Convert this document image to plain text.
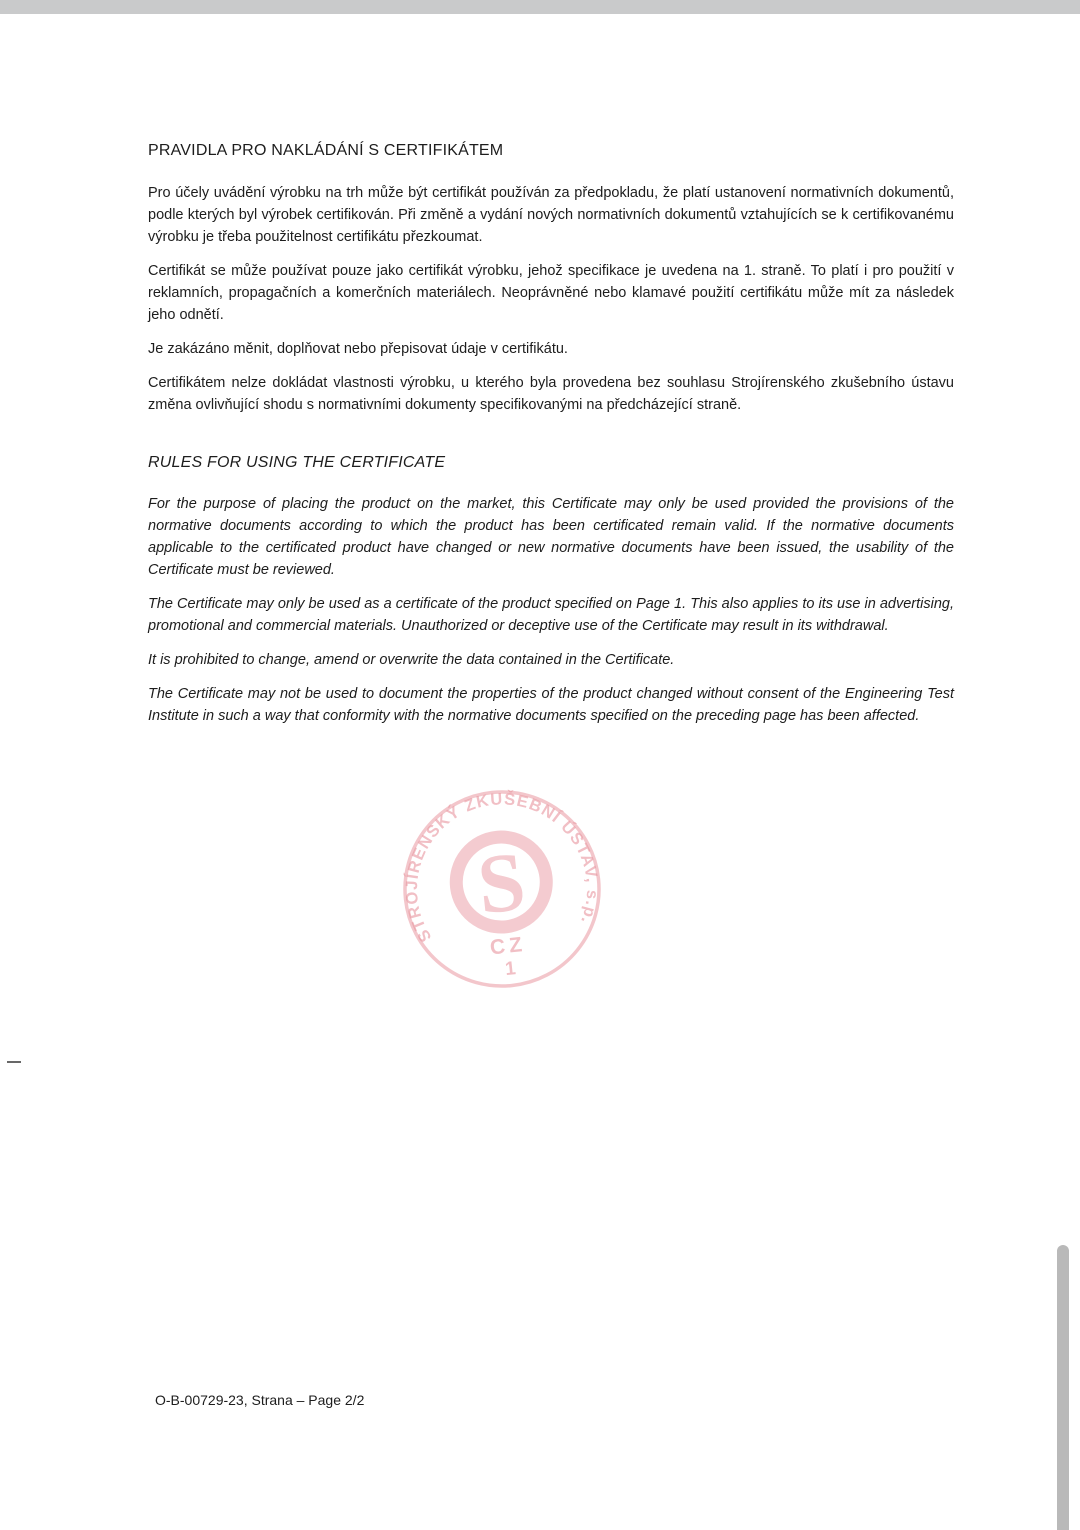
PRAVIDLA PRO NAKLÁDÁNÍ S CERTIFIKÁTEM

Pro účely uvádění výrobku na trh může být certifikát používán za předpokladu, že platí ustanovení normativních dokumentů, podle kterých byl výrobek certifikován. Při změně a vydání nových normativních dokumentů vztahujících se k certifikovanému výrobku je třeba použitelnost certifikátu přezkoumat.

Certifikát se může používat pouze jako certifikát výrobku, jehož specifikace je uvedena na 1. straně. To platí i pro použití v reklamních, propagačních a komerčních materiálech. Neoprávněné nebo klamavé použití certifikátu může mít za následek jeho odnětí.

Je zakázáno měnit, doplňovat nebo přepisovat údaje v certifikátu.

Certifikátem nelze dokládat vlastnosti výrobku, u kterého byla provedena bez souhlasu Strojírenského zkušebního ústavu změna ovlivňující shodu s normativními dokumenty specifikovanými na předcházející straně.

RULES FOR USING THE CERTIFICATE

For the purpose of placing the product on the market, this Certificate may only be used provided the provisions of the normative documents according to which the product has been certificated remain valid. If the normative documents applicable to the certificated product have changed or new normative documents have been issued, the usability of the Certificate must be reviewed.

The Certificate may only be used as a certificate of the product specified on Page 1. This also applies to its use in advertising, promotional and commercial materials. Unauthorized or deceptive use of the Certificate may result in its withdrawal.

It is prohibited to change, amend or overwrite the data contained in the Certificate.

The Certificate may not be used to document the properties of the product changed without consent of the Engineering Test Institute in such a way that conformity with the normative documents specified on the preceding page has been affected.

STROJÍRENSKÝ ZKUŠEBNÍ ÚSTAV, s.p.
S
CZ
1
O-B-00729-23, Strana – Page 2/2
